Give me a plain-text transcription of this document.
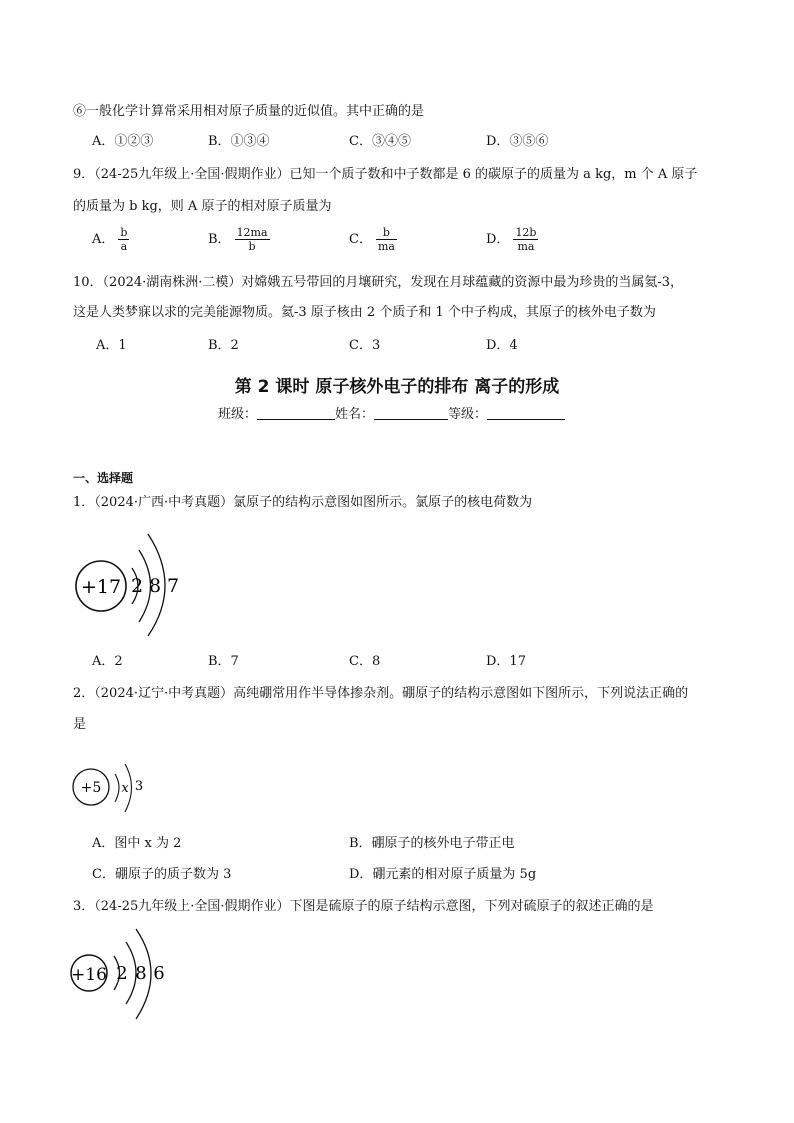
⑥一般化学计算常采用相对原子质量的近似值。其中正确的是
A．①②③	B．①③④	C．③④⑤	D．③⑤⑥
9．（24-25九年级上·全国·假期作业）已知一个质子数和中子数都是 6 的碳原子的质量为 a kg，m 个 A 原子
的质量为 b kg，则 A 原子的相对原子质量为
A． $\frac{b}{a}$	B． $\frac{12ma}{b}$	C． $\frac{b}{ma}$	D． $\frac{12b}{ma}$
10．（2024·湖南株洲·二模）对嫦娥五号带回的月壤研究，发现在月球蕴藏的资源中最为珍贵的当属氦-3，
这是人类梦寐以求的完美能源物质。氦-3 原子核由 2 个质子和 1 个中子构成，其原子的核外电子数为
A．1	B．2	C．3	D．4
第 2 课时 原子核外电子的排布 离子的形成
班级：	姓名：	等级：
一、选择题
1．（2024·广西·中考真题）氯原子的结构示意图如图所示。氯原子的核电荷数为
+17 2 8 7
A．2	B．7	C．8	D．17
2．（2024·辽宁·中考真题）高纯硼常用作半导体掺杂剂。硼原子的结构示意图如下图所示，下列说法正确的
是
+5 x 3
A．图中 x 为 2	B．硼原子的核外电子带正电
C．硼原子的质子数为 3	D．硼元素的相对原子质量为 5g
3．（24-25九年级上·全国·假期作业）下图是硫原子的原子结构示意图，下列对硫原子的叙述正确的是
+16 2 8 6
